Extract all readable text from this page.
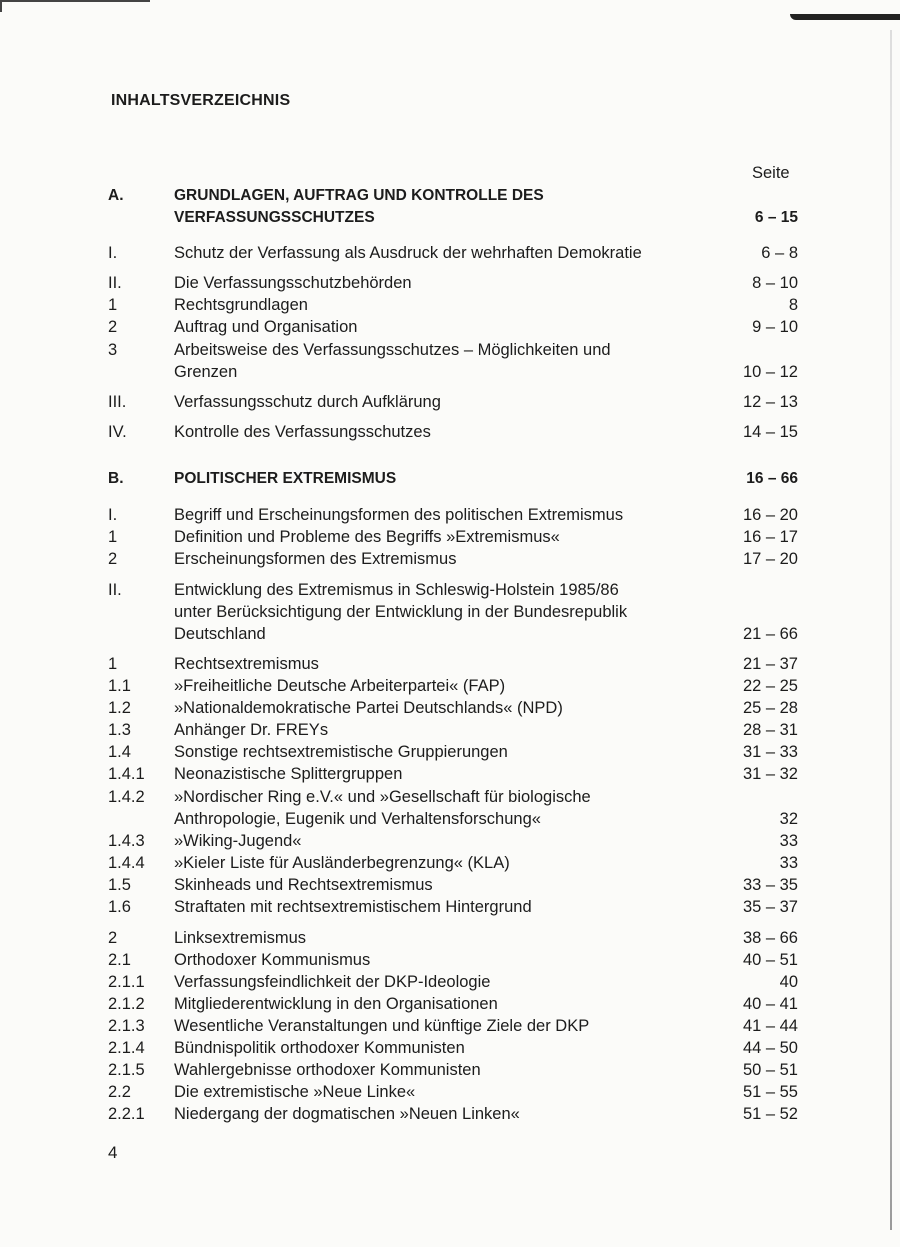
INHALTSVERZEICHNIS
Seite
A.	GRUNDLAGEN, AUFTRAG UND KONTROLLE DES
VERFASSUNGSSCHUTZES	6 – 15
I.	Schutz der Verfassung als Ausdruck der wehrhaften Demokratie	6 – 8
II.	Die Verfassungsschutzbehörden	8 – 10
1	Rechtsgrundlagen	8
2	Auftrag und Organisation	9 – 10
3	Arbeitsweise des Verfassungsschutzes – Möglichkeiten und
Grenzen	10 – 12
III.	Verfassungsschutz durch Aufklärung	12 – 13
IV.	Kontrolle des Verfassungsschutzes	14 – 15
B.	POLITISCHER EXTREMISMUS	16 – 66
I.	Begriff und Erscheinungsformen des politischen Extremismus	16 – 20
1	Definition und Probleme des Begriffs »Extremismus«	16 – 17
2	Erscheinungsformen des Extremismus	17 – 20
II.	Entwicklung des Extremismus in Schleswig-Holstein 1985/86
unter Berücksichtigung der Entwicklung in der Bundesrepublik
Deutschland	21 – 66
1	Rechtsextremismus	21 – 37
1.1	»Freiheitliche Deutsche Arbeiterpartei« (FAP)	22 – 25
1.2	»Nationaldemokratische Partei Deutschlands« (NPD)	25 – 28
1.3	Anhänger Dr. FREYs	28 – 31
1.4	Sonstige rechtsextremistische Gruppierungen	31 – 33
1.4.1 Neonazistische Splittergruppen	31 – 32
1.4.2 »Nordischer Ring e.V.« und »Gesellschaft für biologische
Anthropologie, Eugenik und Verhaltensforschung«	32
1.4.3 »Wiking-Jugend«	33
1.4.4 »Kieler Liste für Ausländerbegrenzung« (KLA)	33
1.5	Skinheads und Rechtsextremismus	33 – 35
1.6	Straftaten mit rechtsextremistischem Hintergrund	35 – 37
2	Linksextremismus	38 – 66
2.1	Orthodoxer Kommunismus	40 – 51
2.1.1 Verfassungsfeindlichkeit der DKP-Ideologie	40
2.1.2 Mitgliederentwicklung in den Organisationen	40 – 41
2.1.3 Wesentliche Veranstaltungen und künftige Ziele der DKP	41 – 44
2.1.4 Bündnispolitik orthodoxer Kommunisten	44 – 50
2.1.5 Wahlergebnisse orthodoxer Kommunisten	50 – 51
2.2	Die extremistische »Neue Linke«	51 – 55
2.2.1 Niedergang der dogmatischen »Neuen Linken«	51 – 52
4
